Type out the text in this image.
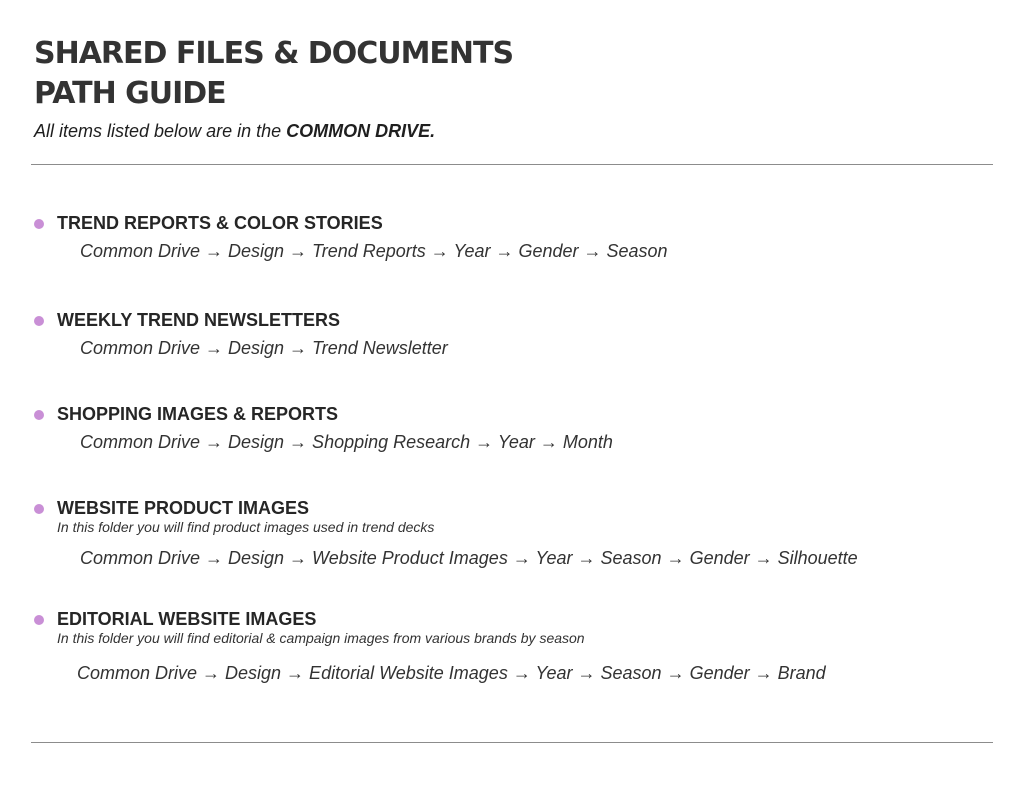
SHARED FILES & DOCUMENTS
PATH GUIDE

All items listed below are in the COMMON DRIVE.

TREND REPORTS & COLOR STORIES

Common Drive → Design → Trend Reports → Year → Gender → Season

WEEKLY TREND NEWSLETTERS

Common Drive → Design → Trend Newsletter

SHOPPING IMAGES & REPORTS

Common Drive → Design → Shopping Research → Year → Month

WEBSITE PRODUCT IMAGES

In this folder you will find product images used in trend decks

Common Drive → Design → Website Product Images → Year → Season → Gender → Silhouette

EDITORIAL WEBSITE IMAGES

In this folder you will find editorial & campaign images from various brands by season

Common Drive → Design → Editorial Website Images → Year → Season → Gender → Brand
